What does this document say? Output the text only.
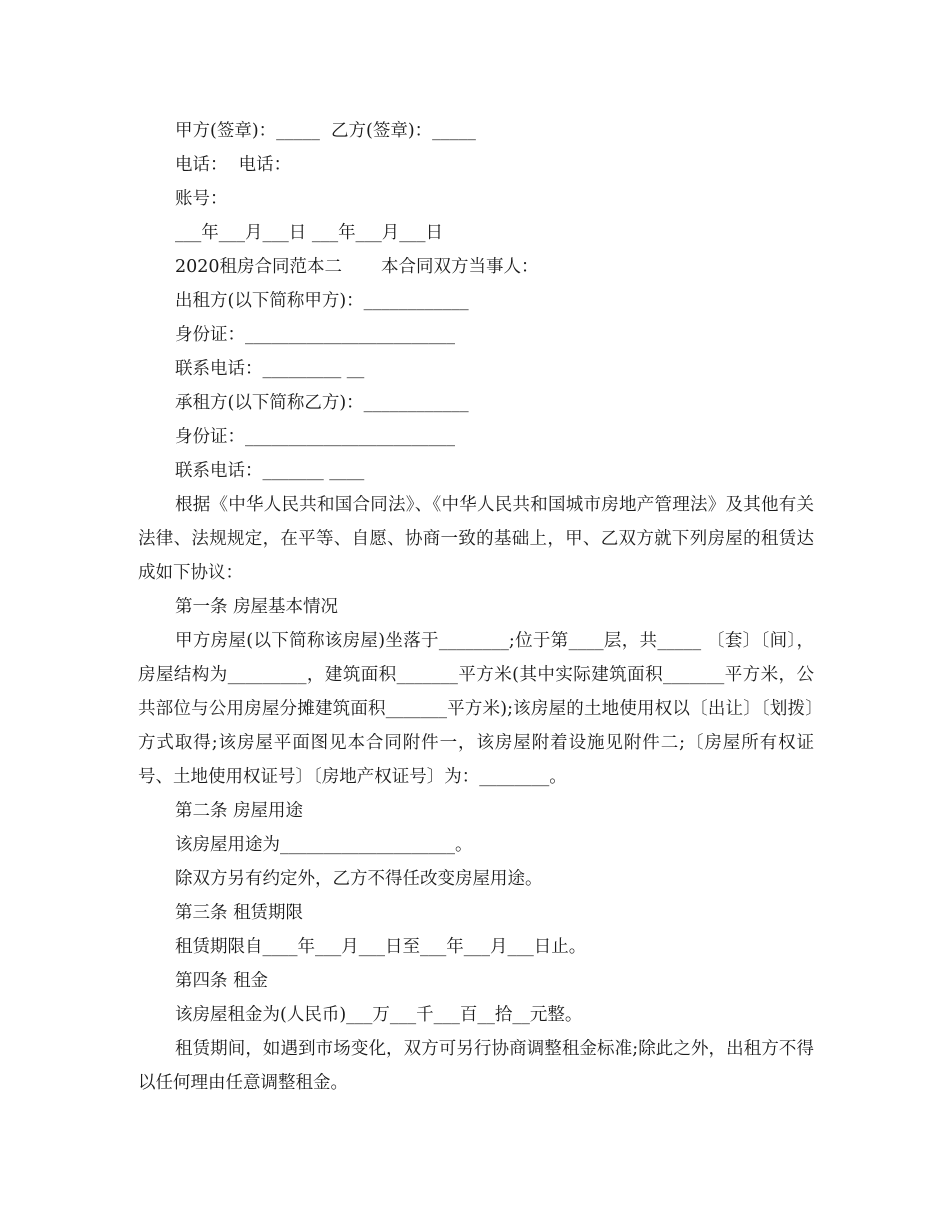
甲方(签章)：_____  乙方(签章)：_____

电话：  电话：

账号：

___年___月___日 ___年___月___日

2020租房合同范本二       本合同双方当事人：

出租方(以下简称甲方)：____________

身份证：________________________

联系电话：_________ __

承租方(以下简称乙方)：____________

身份证：________________________

联系电话：_______ ____

根据《中华人民共和国合同法》、《中华人民共和国城市房地产管理法》及其他有关法律、法规规定，在平等、自愿、协商一致的基础上，甲、乙双方就下列房屋的租赁达成如下协议：

第一条 房屋基本情况

甲方房屋(以下简称该房屋)坐落于________;位于第____层，共_____ 〔套〕〔间〕，房屋结构为_________，建筑面积_______平方米(其中实际建筑面积_______平方米，公共部位与公用房屋分摊建筑面积_______平方米);该房屋的土地使用权以〔出让〕〔划拨〕方式取得;该房屋平面图见本合同附件一，该房屋附着设施见附件二;〔房屋所有权证号、土地使用权证号〕〔房地产权证号〕为：________。

第二条 房屋用途

该房屋用途为____________________。

除双方另有约定外，乙方不得任改变房屋用途。

第三条 租赁期限

租赁期限自____年___月___日至___年___月___日止。

第四条 租金

该房屋租金为(人民币)___万___千___百__拾__元整。

租赁期间，如遇到市场变化，双方可另行协商调整租金标准;除此之外，出租方不得以任何理由任意调整租金。
